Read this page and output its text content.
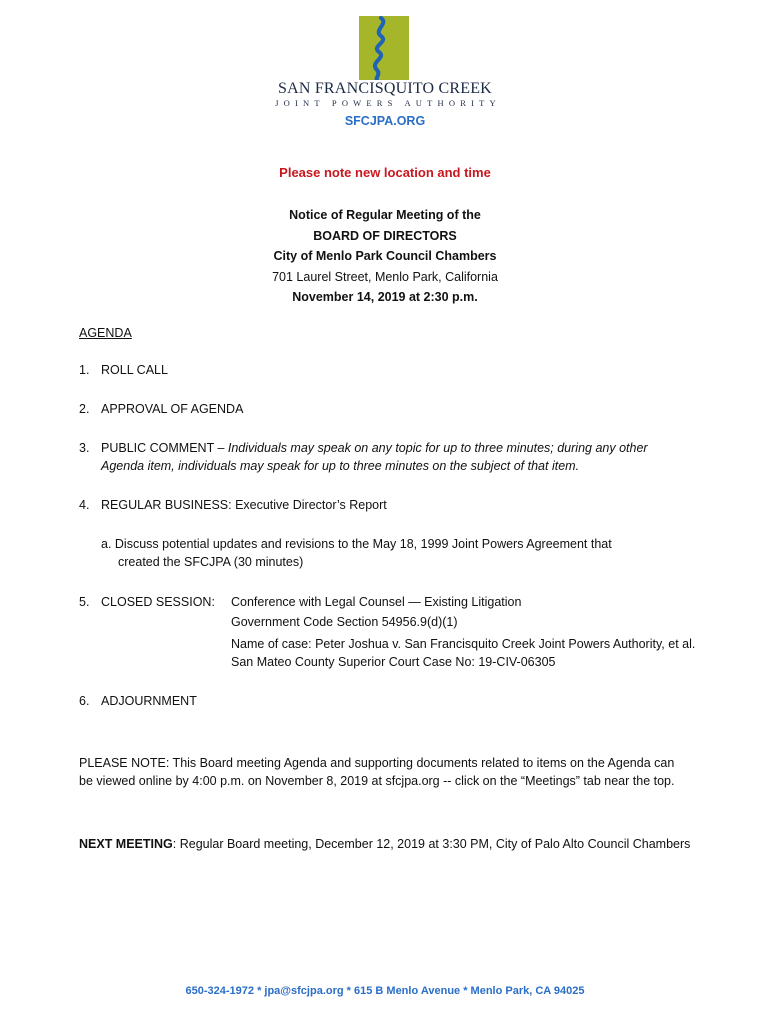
SAN FRANCISQUITO CREEK
JOINT POWERS AUTHORITY
SFCJPA.ORG
Please note new location and time
Notice of Regular Meeting of the
BOARD OF DIRECTORS
City of Menlo Park Council Chambers
701 Laurel Street, Menlo Park, California
November 14, 2019 at 2:30 p.m.
AGENDA
1. ROLL CALL
2. APPROVAL OF AGENDA
3. PUBLIC COMMENT – Individuals may speak on any topic for up to three minutes; during any other
Agenda item, individuals may speak for up to three minutes on the subject of that item.
4. REGULAR BUSINESS: Executive Director’s Report
a. Discuss potential updates and revisions to the May 18, 1999 Joint Powers Agreement that
created the SFCJPA (30 minutes)
5. CLOSED SESSION: Conference with Legal Counsel — Existing Litigation
Government Code Section 54956.9(d)(1)
Name of case: Peter Joshua v. San Francisquito Creek Joint Powers Authority, et al.
San Mateo County Superior Court Case No: 19-CIV-06305
6. ADJOURNMENT
PLEASE NOTE: This Board meeting Agenda and supporting documents related to items on the Agenda can
be viewed online by 4:00 p.m. on November 8, 2019 at sfcjpa.org -- click on the “Meetings” tab near the top.
NEXT MEETING: Regular Board meeting, December 12, 2019 at 3:30 PM, City of Palo Alto Council Chambers
650-324-1972 * jpa@sfcjpa.org * 615 B Menlo Avenue * Menlo Park, CA 94025
